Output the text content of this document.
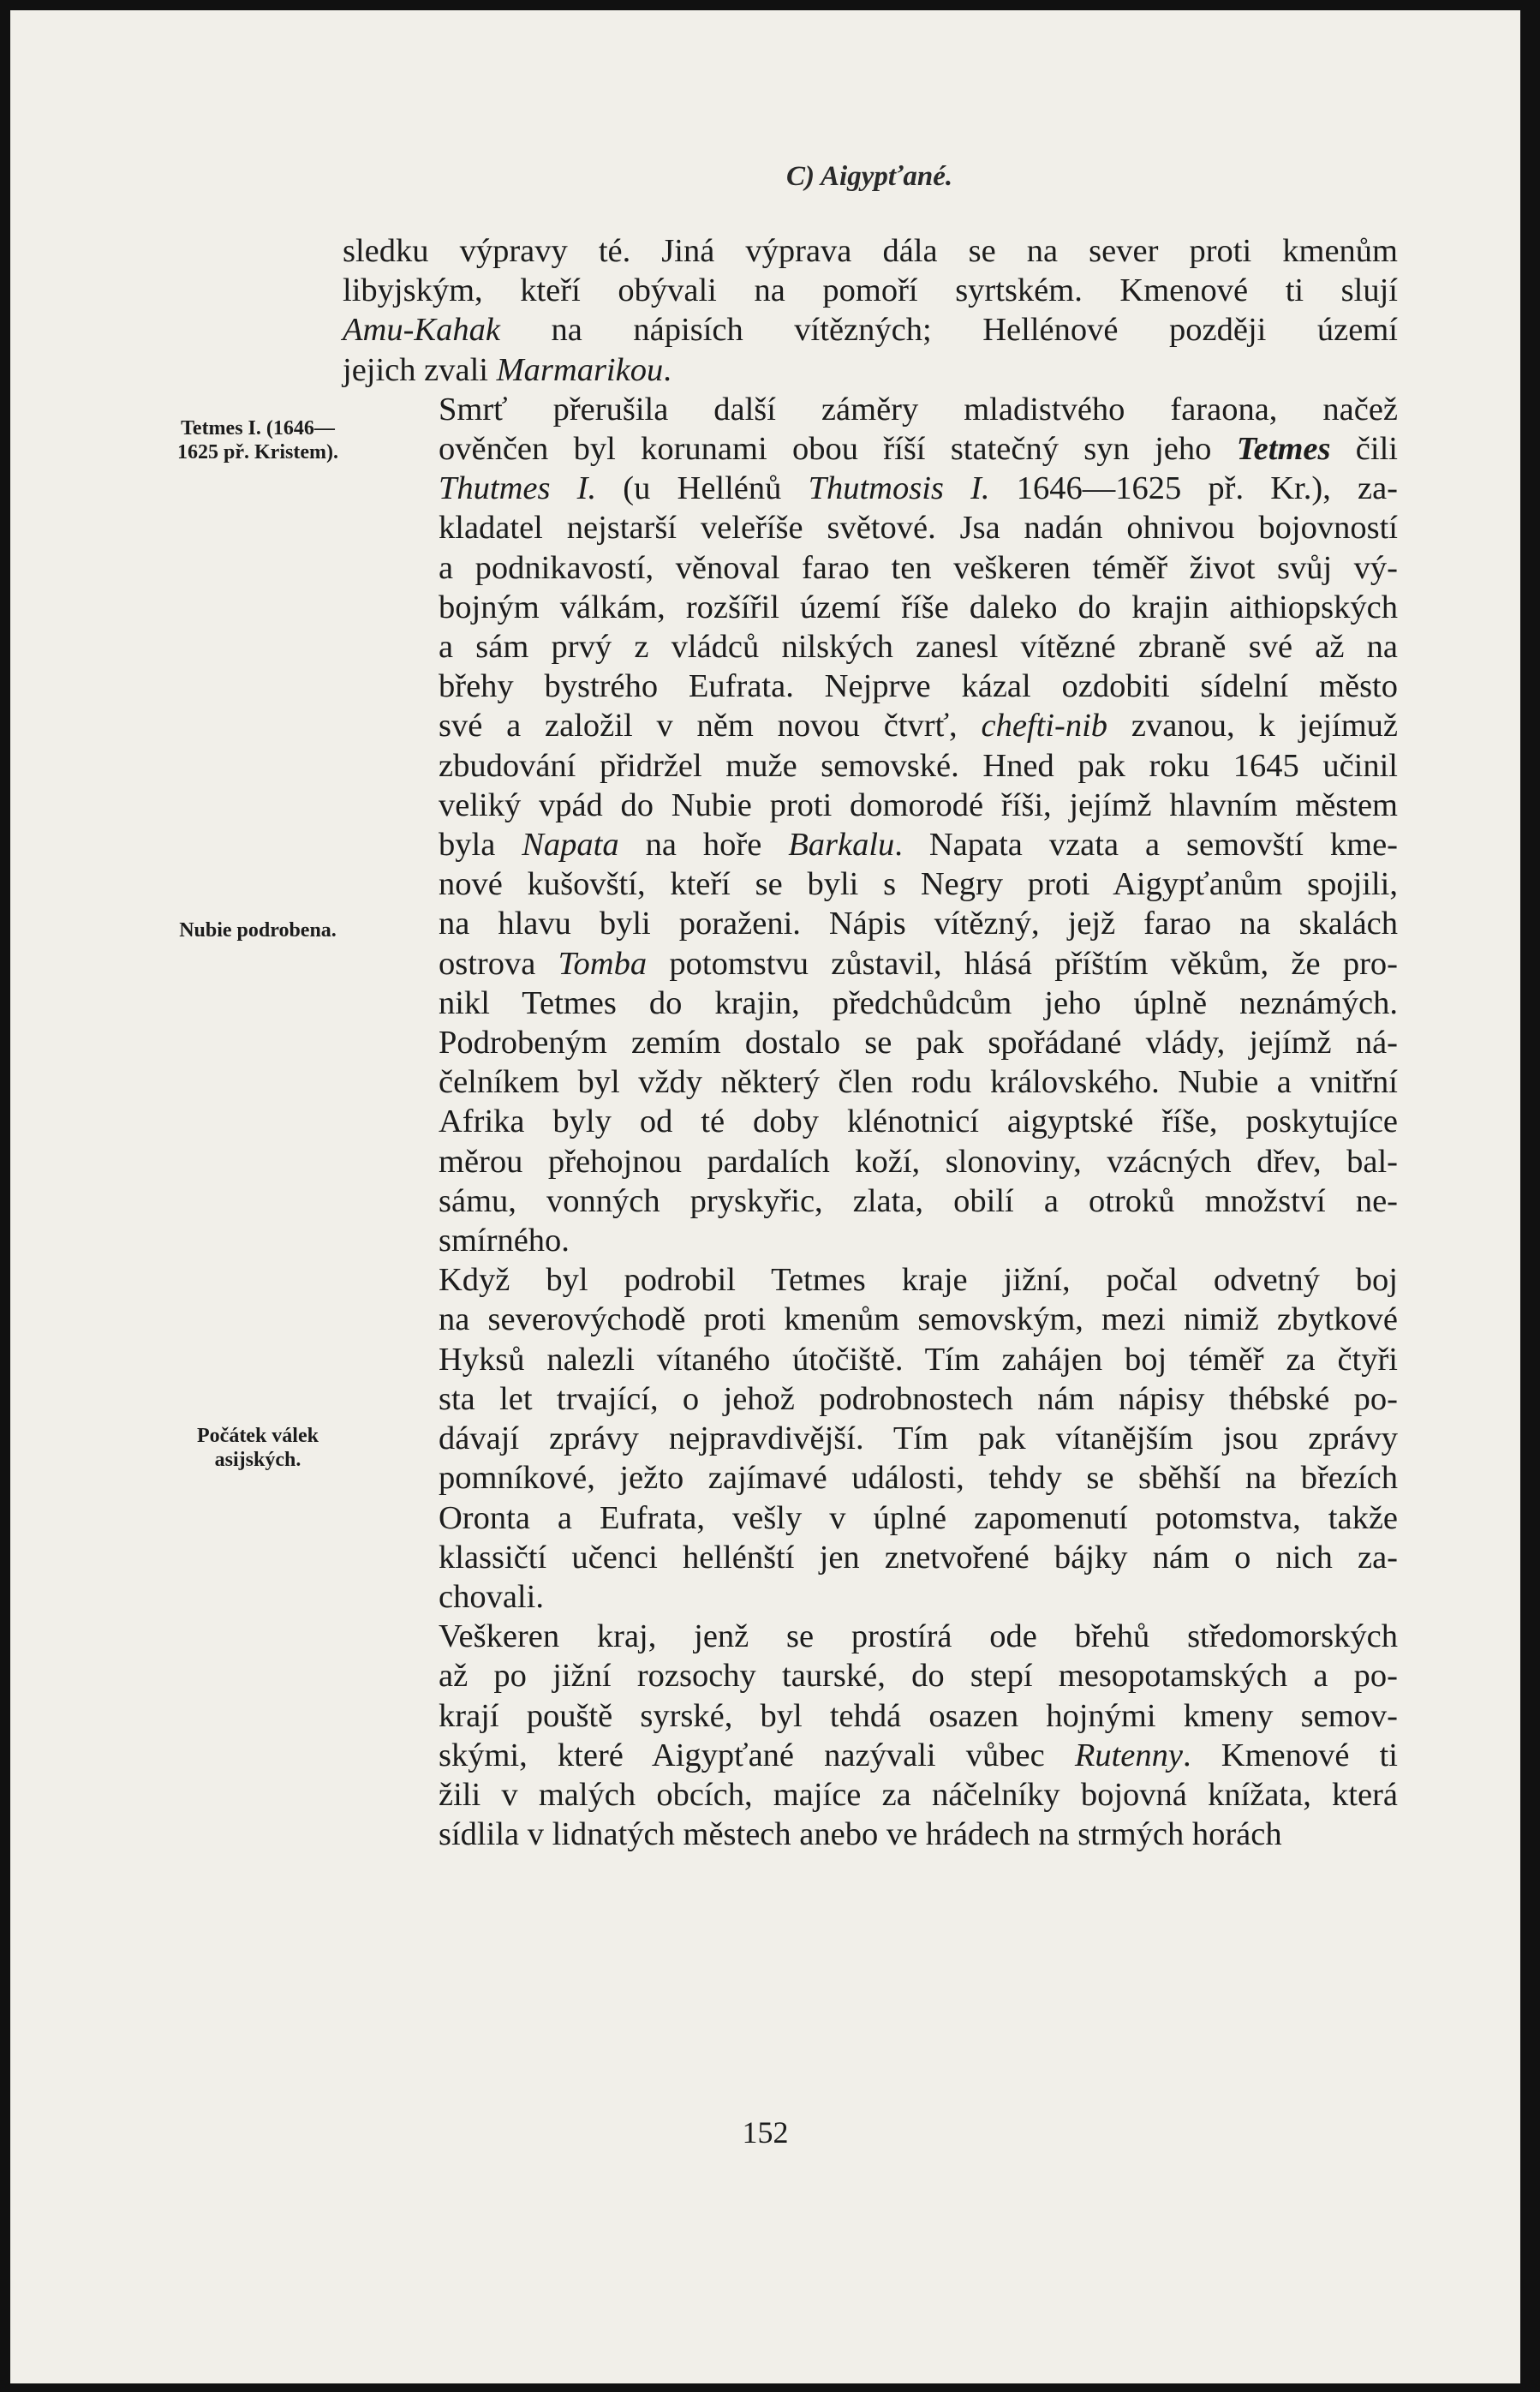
C) Aigypťané.
Tetmes I. (1646—1625 př. Kristem).
Nubie podrobena.
Počátek válek asijských.

sledku výpravy té. Jiná výprava dála se na sever proti kmenům
libyjským, kteří obývali na pomoří syrtském. Kmenové ti slují
Amu-Kahak na nápisích vítězných; Hellénové později území
jejich zvali Marmarikou.

Smrť přerušila další záměry mladistvého faraona, načež
ověnčen byl korunami obou říší statečný syn jeho Tetmes čili
Thutmes I. (u Hellénů Thutmosis I. 1646—1625 př. Kr.), za-
kladatel nejstarší veleříše světové. Jsa nadán ohnivou bojovností
a podnikavostí, věnoval farao ten veškeren téměř život svůj vý-
bojným válkám, rozšířil území říše daleko do krajin aithiopských
a sám prvý z vládců nilských zanesl vítězné zbraně své až na
břehy bystrého Eufrata. Nejprve kázal ozdobiti sídelní město
své a založil v něm novou čtvrť, chefti-nib zvanou, k jejímuž
zbudování přidržel muže semovské. Hned pak roku 1645 učinil
veliký vpád do Nubie proti domorodé říši, jejímž hlavním městem
byla Napata na hoře Barkalu. Napata vzata a semovští kme-
nové kušovští, kteří se byli s Negry proti Aigypťanům spojili,
na hlavu byli poraženi. Nápis vítězný, jejž farao na skalách
ostrova Tomba potomstvu zůstavil, hlásá příštím věkům, že pro-
nikl Tetmes do krajin, předchůdcům jeho úplně neznámých.
Podrobeným zemím dostalo se pak spořádané vlády, jejímž ná-
čelníkem byl vždy některý člen rodu královského. Nubie a vnitřní
Afrika byly od té doby klénotnicí aigyptské říše, poskytujíce
měrou přehojnou pardalích koží, slonoviny, vzácných dřev, bal-
sámu, vonných pryskyřic, zlata, obilí a otroků množství ne-
smírného.

Když byl podrobil Tetmes kraje jižní, počal odvetný boj
na severovýchodě proti kmenům semovským, mezi nimiž zbytkové
Hyksů nalezli vítaného útočiště. Tím zahájen boj téměř za čtyři
sta let trvající, o jehož podrobnostech nám nápisy thébské po-
dávají zprávy nejpravdivější. Tím pak vítanějším jsou zprávy
pomníkové, ježto zajímavé události, tehdy se sběhší na březích
Oronta a Eufrata, vešly v úplné zapomenutí potomstva, takže
klassičtí učenci hellénští jen znetvořené bájky nám o nich za-
chovali.

Veškeren kraj, jenž se prostírá ode břehů středomorských
až po jižní rozsochy taurské, do stepí mesopotamských a po-
krají pouště syrské, byl tehdá osazen hojnými kmeny semov-
skými, které Aigypťané nazývali vůbec Rutenny. Kmenové ti
žili v malých obcích, majíce za náčelníky bojovná knížata, která
sídlila v lidnatých městech anebo ve hrádech na strmých horách

152
